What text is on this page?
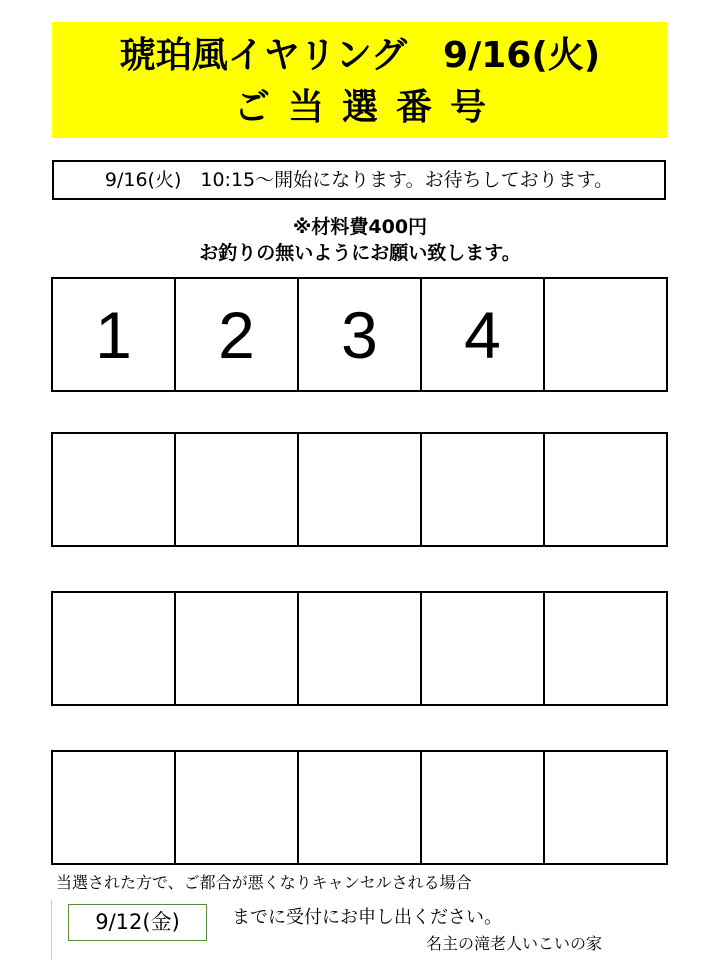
琥珀風イヤリング　9/16(火)
ご当選番号
9/16(火)　10:15～開始になります。お待ちしております。
※材料費400円
お釣りの無いようにお願い致します。
1	2	3	4
当選された方で、ご都合が悪くなりキャンセルされる場合
9/12(金)	までに受付にお申し出ください。
名主の滝老人いこいの家
